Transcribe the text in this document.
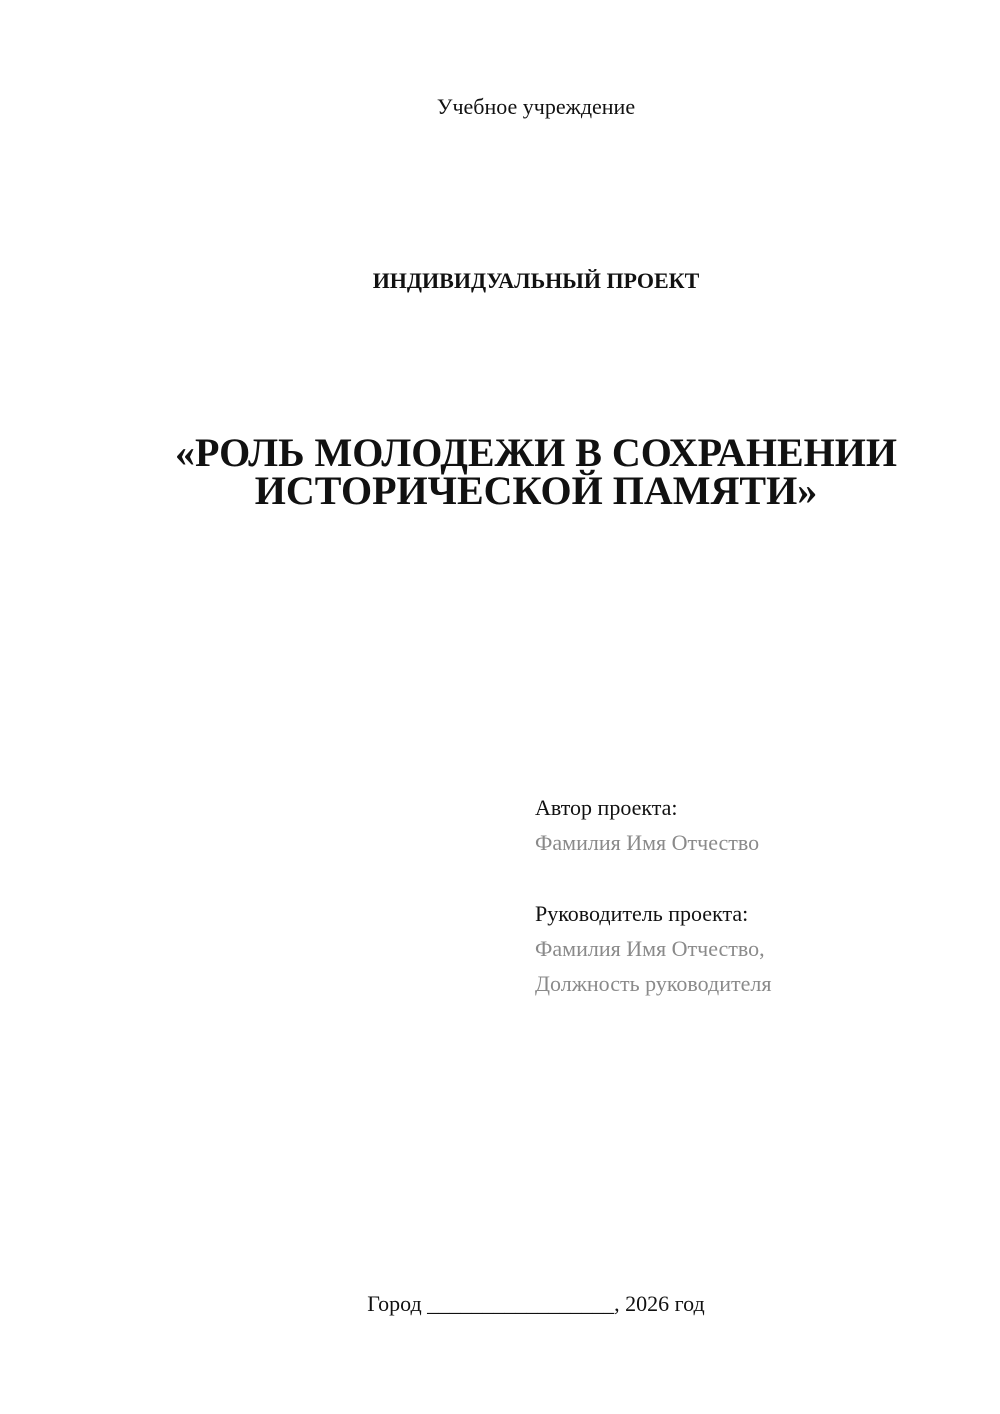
Учебное учреждение
ИНДИВИДУАЛЬНЫЙ ПРОЕКТ
«РОЛЬ МОЛОДЕЖИ В СОХРАНЕНИИ
ИСТОРИЧЕСКОЙ ПАМЯТИ»
Автор проекта:
Фамилия Имя Отчество
Руководитель проекта:
Фамилия Имя Отчество,
Должность руководителя
Город _________________, 2026 год
